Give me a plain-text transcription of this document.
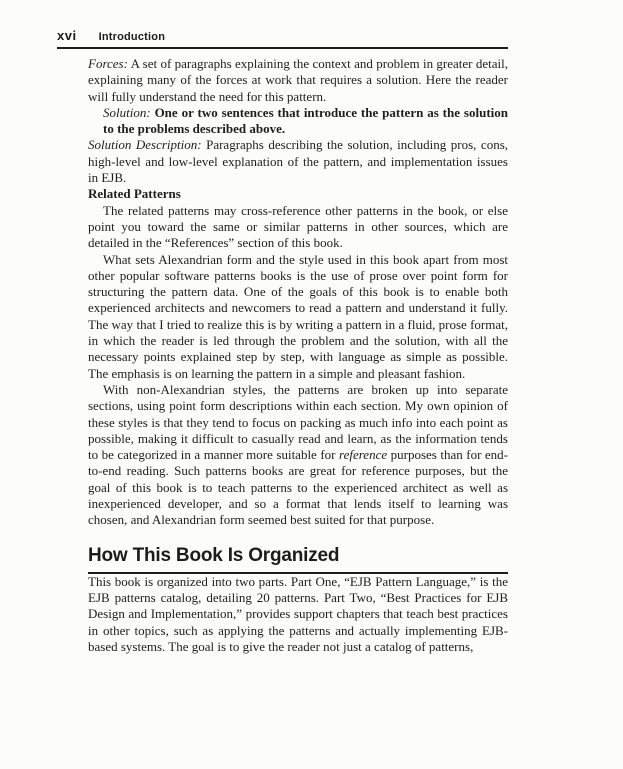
xvi Introduction

Forces: A set of paragraphs explaining the context and problem in greater detail, explaining many of the forces at work that requires a solution. Here the reader will fully understand the need for this pattern.

Solution: One or two sentences that introduce the pattern as the solution to the problems described above.

Solution Description: Paragraphs describing the solution, including pros, cons, high-level and low-level explanation of the pattern, and implementation issues in EJB.

Related Patterns

The related patterns may cross-reference other patterns in the book, or else point you toward the same or similar patterns in other sources, which are detailed in the “References” section of this book.

What sets Alexandrian form and the style used in this book apart from most other popular software patterns books is the use of prose over point form for structuring the pattern data. One of the goals of this book is to enable both experienced architects and newcomers to read a pattern and understand it fully. The way that I tried to realize this is by writing a pattern in a fluid, prose format, in which the reader is led through the problem and the solution, with all the necessary points explained step by step, with language as simple as possible. The emphasis is on learning the pattern in a simple and pleasant fashion.

With non-Alexandrian styles, the patterns are broken up into separate sections, using point form descriptions within each section. My own opinion of these styles is that they tend to focus on packing as much info into each point as possible, making it difficult to casually read and learn, as the information tends to be categorized in a manner more suitable for reference purposes than for end-to-end reading. Such patterns books are great for reference purposes, but the goal of this book is to teach patterns to the experienced architect as well as inexperienced developer, and so a format that lends itself to learning was chosen, and Alexandrian form seemed best suited for that purpose.

How This Book Is Organized

This book is organized into two parts. Part One, “EJB Pattern Language,” is the EJB patterns catalog, detailing 20 patterns. Part Two, “Best Practices for EJB Design and Implementation,” provides support chapters that teach best practices in other topics, such as applying the patterns and actually implementing EJB-based systems. The goal is to give the reader not just a catalog of patterns,
